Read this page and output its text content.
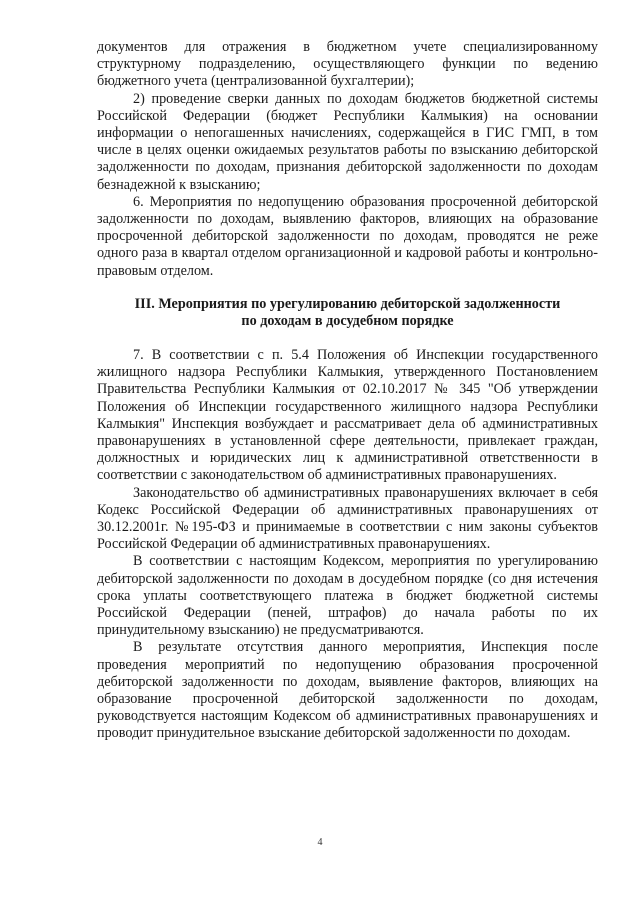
документов для отражения в бюджетном учете специализированному структурному подразделению, осуществляющего функции по ведению бюджетного учета (централизованной бухгалтерии);

2) проведение сверки данных по доходам бюджетов бюджетной системы Российской Федерации (бюджет Республики Калмыкия) на основании информации о непогашенных начислениях, содержащейся в ГИС ГМП, в том числе в целях оценки ожидаемых результатов работы по взысканию дебиторской задолженности по доходам, признания дебиторской задолженности по доходам безнадежной к взысканию;

6. Мероприятия по недопущению образования просроченной дебиторской задолженности по доходам, выявлению факторов, влияющих на образование просроченной дебиторской задолженности по доходам, проводятся не реже одного раза в квартал отделом организационной и кадровой работы и контрольно-правовым отделом.

III. Мероприятия по урегулированию дебиторской задолженности
по доходам в досудебном порядке

7. В соответствии с п. 5.4 Положения об Инспекции государственного жилищного надзора Республики Калмыкия, утвержденного Постановлением Правительства Республики Калмыкия от 02.10.2017 № 345 "Об утверждении Положения об Инспекции государственного жилищного надзора Республики Калмыкия" Инспекция возбуждает и рассматривает дела об административных правонарушениях в установленной сфере деятельности, привлекает граждан, должностных и юридических лиц к административной ответственности в соответствии с законодательством об административных правонарушениях.

Законодательство об административных правонарушениях включает в себя Кодекс Российской Федерации об административных правонарушениях от 30.12.2001г. №195-ФЗ и принимаемые в соответствии с ним законы субъектов Российской Федерации об административных правонарушениях.

В соответствии с настоящим Кодексом, мероприятия по урегулированию дебиторской задолженности по доходам в досудебном порядке (со дня истечения срока уплаты соответствующего платежа в бюджет бюджетной системы Российской Федерации (пеней, штрафов) до начала работы по их принудительному взысканию) не предусматриваются.

В результате отсутствия данного мероприятия, Инспекция после проведения мероприятий по недопущению образования просроченной дебиторской задолженности по доходам, выявление факторов, влияющих на образование просроченной дебиторской задолженности по доходам, руководствуется настоящим Кодексом об административных правонарушениях и проводит принудительное взыскание дебиторской задолженности по доходам.

4
